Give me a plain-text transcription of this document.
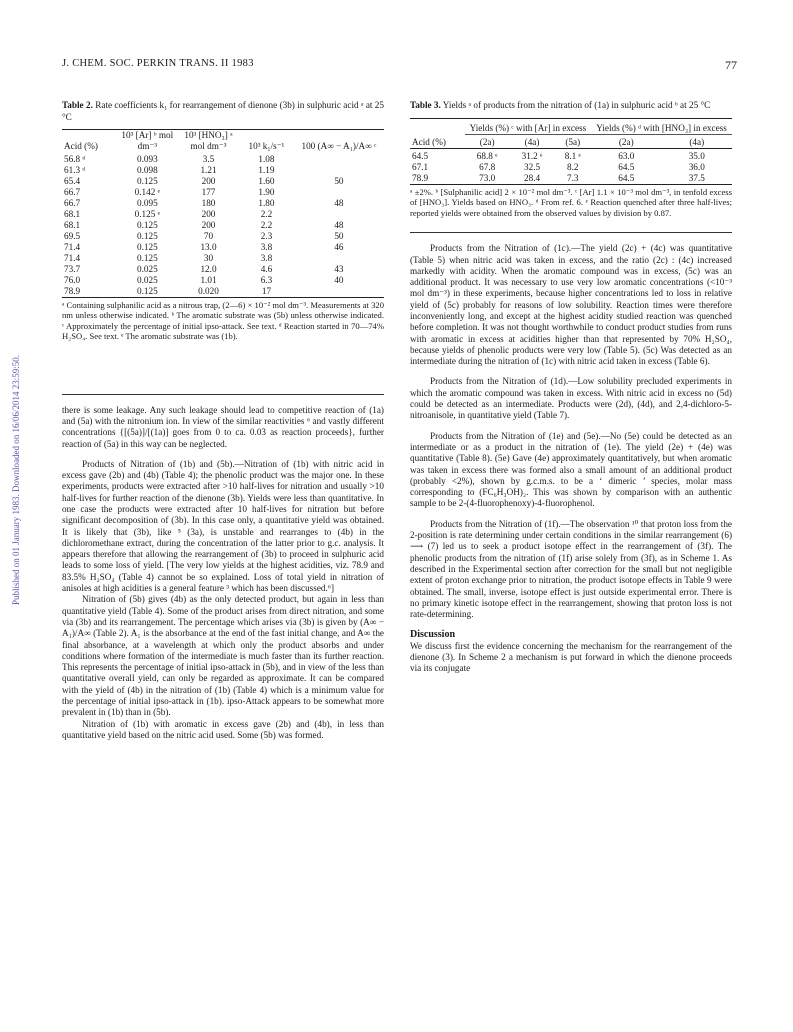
J. CHEM. SOC. PERKIN TRANS. II 1983	77
Published on 01 January 1983. Downloaded on 16/06/2014 23:59:50.
Table 2. Rate coefficients k₁ for rearrangement of dienone (3b) in sulphuric acid ᵃ at 25 °C
Acid (%)	10³ [Ar] ᵇ mol dm⁻³	10³ [HNO₃] ᵃ mol dm⁻³	10³ k₁/s⁻¹	100 (A∞ − A₁)/A∞ ᶜ
56.8 ᵈ	0.093	3.5	1.08	
61.3 ᵈ	0.098	1.21	1.19	
65.4	0.125	200	1.60	50
66.7	0.142 ᵉ	177	1.90	
66.7	0.095	180	1.80	48
68.1	0.125 ᵉ	200	2.2	
68.1	0.125	200	2.2	48
69.5	0.125	70	2.3	50
71.4	0.125	13.0	3.8	46
71.4	0.125	30	3.8	
73.7	0.025	12.0	4.6	43
76.0	0.025	1.01	6.3	40
78.9	0.125	0.020	17	
ᵃ Containing sulphanilic acid as a nitrous trap, (2—6) × 10⁻² mol dm⁻³. Measurements at 320 nm unless otherwise indicated. ᵇ The aromatic substrate was (5b) unless otherwise indicated. ᶜ Approximately the percentage of initial ipso-attack. See text. ᵈ Reaction started in 70—74% H₂SO₄. See text. ᵉ The aromatic substrate was (1b).

there is some leakage. Any such leakage should lead to competitive reaction of (1a) and (5a) with the nitronium ion. In view of the similar reactivities ⁶ and vastly different concentrations {[(5a)]/[(1a)] goes from 0 to ca. 0.03 as reaction proceeds}, further reaction of (5a) in this way can be neglected.

Products of Nitration of (1b) and (5b).—Nitration of (1b) with nitric acid in excess gave (2b) and (4b) (Table 4); the phenolic product was the major one. In these experiments, products were extracted after >10 half-lives for nitration and usually >10 half-lives for further reaction of the dienone (3b). Yields were less than quantitative. In one case the products were extracted after 10 half-lives for nitration but before significant decomposition of (3b). In this case only, a quantitative yield was obtained. It is likely that (3b), like ⁵ (3a), is unstable and rearranges to (4b) in the dichloromethane extract, during the concentration of the latter prior to g.c. analysis. It appears therefore that allowing the rearrangement of (3b) to proceed in sulphuric acid leads to some loss of yield. [The very low yields at the highest acidities, viz. 78.9 and 83.5% H₂SO₄ (Table 4) cannot be so explained. Loss of total yield in nitration of anisoles at high acidities is a general feature ³ which has been discussed.⁶]

Nitration of (5b) gives (4b) as the only detected product, but again in less than quantitative yield (Table 4). Some of the product arises from direct nitration, and some via (3b) and its rearrangement. The percentage which arises via (3b) is given by (A∞ − A₁)/A∞ (Table 2). A₁ is the absorbance at the end of the fast initial change, and A∞ the final absorbance, at a wavelength at which only the product absorbs and under conditions where formation of the intermediate is much faster than its further reaction. This represents the percentage of initial ipso-attack in (5b), and in view of the less than quantitative overall yield, can only be regarded as approximate. It can be compared with the yield of (4b) in the nitration of (1b) (Table 4) which is a minimum value for the percentage of initial ipso-attack in (1b). ipso-Attack appears to be somewhat more prevalent in (1b) than in (5b).

Nitration of (1b) with aromatic in excess gave (2b) and (4b), in less than quantitative yield based on the nitric acid used. Some (5b) was formed.

Table 3. Yields ᵃ of products from the nitration of (1a) in sulphuric acid ᵇ at 25 °C
	Yields (%) ᶜ with [Ar] in excess			Yields (%) ᵈ with [HNO₃] in excess	
Acid (%)	(2a)	(4a)	(5a)	(2a)	(4a)
64.5	68.8 ᵉ	31.2 ᵉ	8.1 ᵉ	63.0	35.0
67.1	67.8	32.5	8.2	64.5	36.0
78.9	73.0	28.4	7.3	64.5	37.5
ᵃ ±2%. ᵇ [Sulphanilic acid] 2 × 10⁻² mol dm⁻³. ᶜ [Ar] 1.1 × 10⁻³ mol dm⁻³, in tenfold excess of [HNO₃]. Yields based on HNO₃. ᵈ From ref. 6. ᵉ Reaction quenched after three half-lives; reported yields were obtained from the observed values by division by 0.87.

Products from the Nitration of (1c).—The yield (2c) + (4c) was quantitative (Table 5) when nitric acid was taken in excess, and the ratio (2c) : (4c) increased markedly with acidity. When the aromatic compound was in excess, (5c) was an additional product. It was necessary to use very low aromatic concentrations (<10⁻³ mol dm⁻³) in these experiments, because higher concentrations led to loss in relative yield of (5c) probably for reasons of low solubility. Reaction times were therefore inconveniently long, and except at the highest acidity studied reaction was quenched before completion. It was not thought worthwhile to conduct product studies from runs with aromatic in excess at acidities higher than that represented by 70% H₂SO₄, because yields of phenolic products were very low (Table 5). (5c) Was detected as an intermediate during the nitration of (1c) with nitric acid taken in excess (Table 6).

Products from the Nitration of (1d).—Low solubility precluded experiments in which the aromatic compound was taken in excess. With nitric acid in excess no (5d) could be detected as an intermediate. Products were (2d), (4d), and 2,4-dichloro-5-nitroanisole, in quantitative yield (Table 7).

Products from the Nitration of (1e) and (5e).—No (5e) could be detected as an intermediate or as a product in the nitration of (1e). The yield (2e) + (4e) was quantitative (Table 8). (5e) Gave (4e) approximately quantitatively, but when aromatic was taken in excess there was formed also a small amount of an additional product (probably <2%), shown by g.c.m.s. to be a ‘ dimeric ’ species, molar mass corresponding to (FC₆H₃OH)₂. This was shown by comparison with an authentic sample to be 2-(4-fluorophenoxy)-4-fluorophenol.

Products from the Nitration of (1f).—The observation ¹⁰ that proton loss from the 2-position is rate determining under certain conditions in the similar rearrangement (6) ⟶ (7) led us to seek a product isotope effect in the rearrangement of (3f). The phenolic products from the nitration of (1f) arise solely from (3f), as in Scheme 1. As described in the Experimental section after correction for the small but not negligible extent of proton exchange prior to nitration, the product isotope effects in Table 9 were obtained. The small, inverse, isotope effect is just outside experimental error. There is no primary kinetic isotope effect in the rearrangement, showing that proton loss is not rate-determining.

Discussion

We discuss first the evidence concerning the mechanism for the rearrangement of the dienone (3). In Scheme 2 a mechanism is put forward in which the dienone proceeds via its conjugate
